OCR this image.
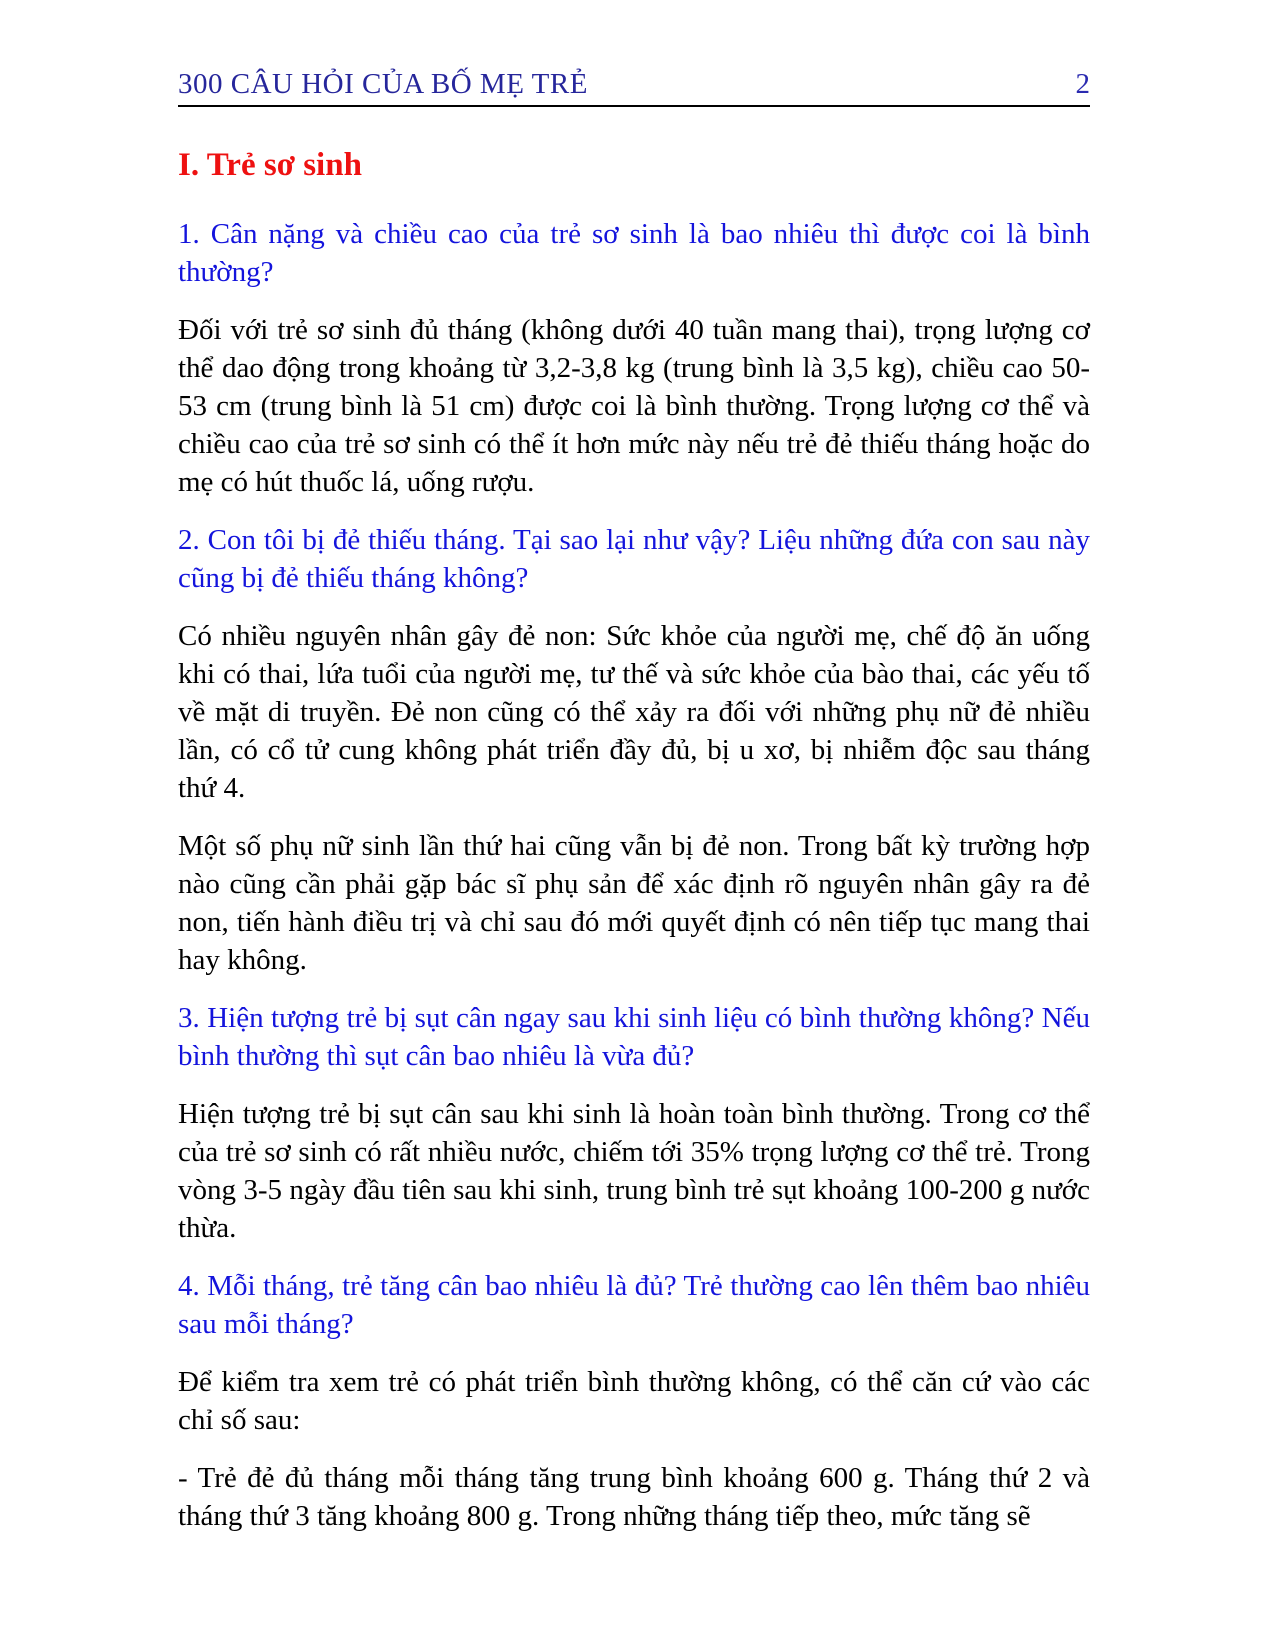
300 CÂU HỎI CỦA BỐ MẸ TRẺ	2
I. Trẻ sơ sinh

1. Cân nặng và chiều cao của trẻ sơ sinh là bao nhiêu thì được coi là bình thường?

Đối với trẻ sơ sinh đủ tháng (không dưới 40 tuần mang thai), trọng lượng cơ thể dao động trong khoảng từ 3,2-3,8 kg (trung bình là 3,5 kg), chiều cao 50-53 cm (trung bình là 51 cm) được coi là bình thường. Trọng lượng cơ thể và chiều cao của trẻ sơ sinh có thể ít hơn mức này nếu trẻ đẻ thiếu tháng hoặc do mẹ có hút thuốc lá, uống rượu.

2. Con tôi bị đẻ thiếu tháng. Tại sao lại như vậy? Liệu những đứa con sau này cũng bị đẻ thiếu tháng không?

Có nhiều nguyên nhân gây đẻ non: Sức khỏe của người mẹ, chế độ ăn uống khi có thai, lứa tuổi của người mẹ, tư thế và sức khỏe của bào thai, các yếu tố về mặt di truyền. Đẻ non cũng có thể xảy ra đối với những phụ nữ đẻ nhiều lần, có cổ tử cung không phát triển đầy đủ, bị u xơ, bị nhiễm độc sau tháng thứ 4.

Một số phụ nữ sinh lần thứ hai cũng vẫn bị đẻ non. Trong bất kỳ trường hợp nào cũng cần phải gặp bác sĩ phụ sản để xác định rõ nguyên nhân gây ra đẻ non, tiến hành điều trị và chỉ sau đó mới quyết định có nên tiếp tục mang thai hay không.

3. Hiện tượng trẻ bị sụt cân ngay sau khi sinh liệu có bình thường không? Nếu bình thường thì sụt cân bao nhiêu là vừa đủ?

Hiện tượng trẻ bị sụt cân sau khi sinh là hoàn toàn bình thường. Trong cơ thể của trẻ sơ sinh có rất nhiều nước, chiếm tới 35% trọng lượng cơ thể trẻ. Trong vòng 3-5 ngày đầu tiên sau khi sinh, trung bình trẻ sụt khoảng 100-200 g nước thừa.

4. Mỗi tháng, trẻ tăng cân bao nhiêu là đủ? Trẻ thường cao lên thêm bao nhiêu sau mỗi tháng?

Để kiểm tra xem trẻ có phát triển bình thường không, có thể căn cứ vào các chỉ số sau:

- Trẻ đẻ đủ tháng mỗi tháng tăng trung bình khoảng 600 g. Tháng thứ 2 và tháng thứ 3 tăng khoảng 800 g. Trong những tháng tiếp theo, mức tăng sẽ
